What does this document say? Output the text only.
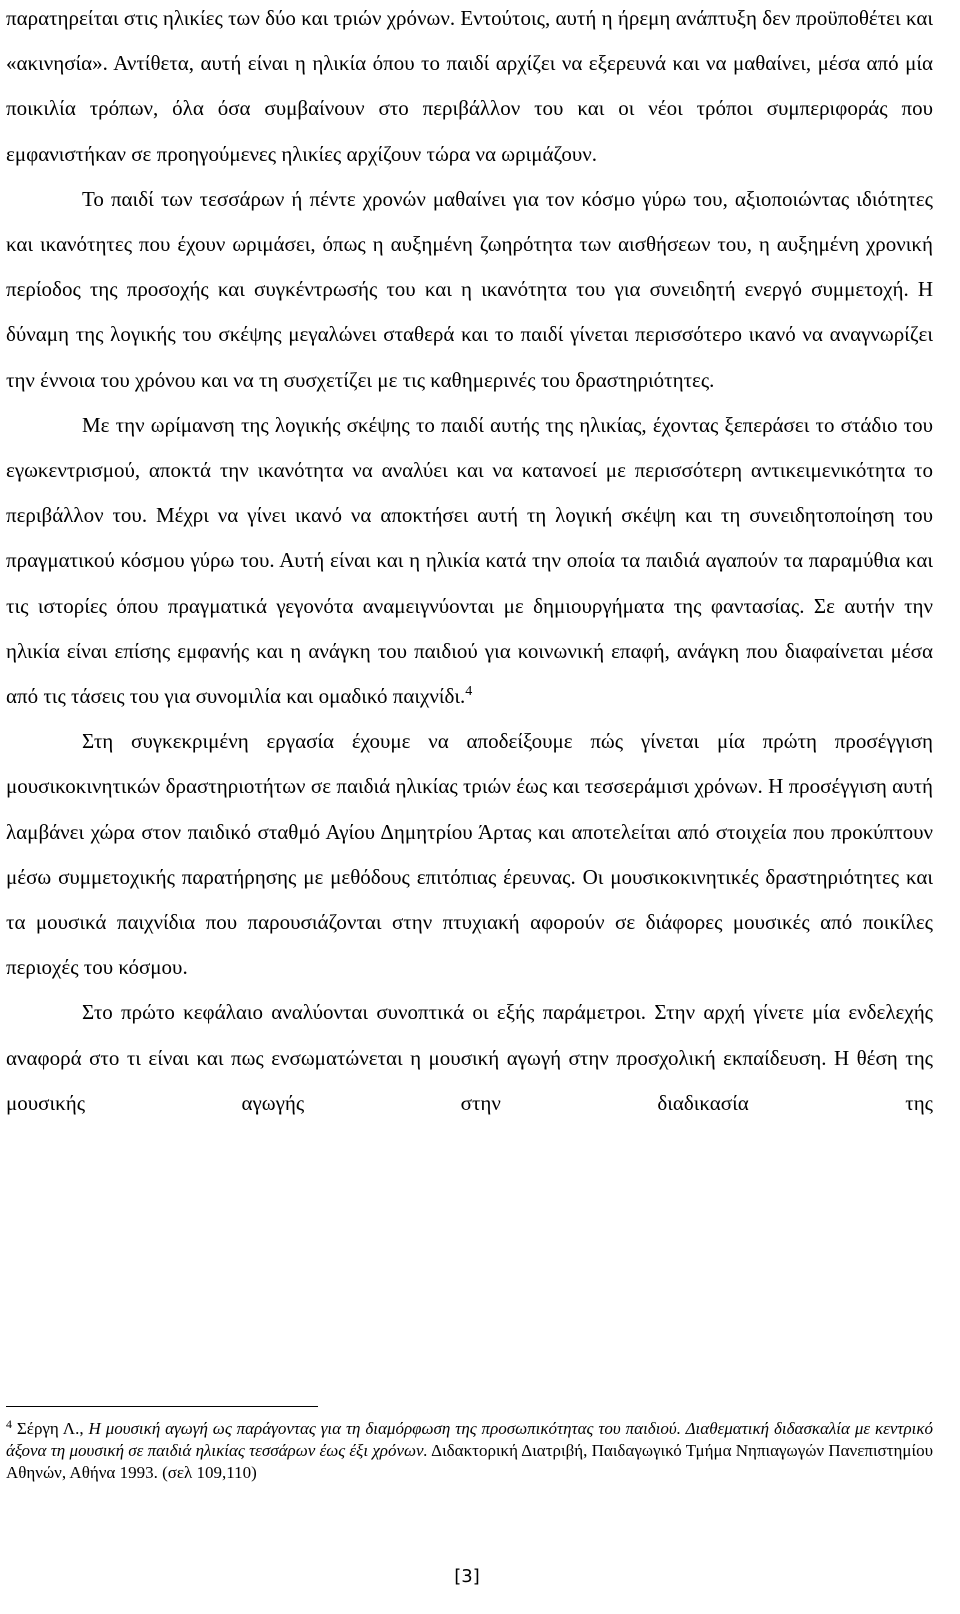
παρατηρείται στις ηλικίες των δύο και τριών χρόνων. Εντούτοις, αυτή η ήρεμη ανάπτυξη δεν προϋποθέτει και «ακινησία». Αντίθετα, αυτή είναι η ηλικία όπου το παιδί αρχίζει να εξερευνά και να μαθαίνει, μέσα από μία ποικιλία τρόπων, όλα όσα συμβαίνουν στο περιβάλλον του και οι νέοι τρόποι συμπεριφοράς που εμφανιστήκαν σε προηγούμενες ηλικίες αρχίζουν τώρα να ωριμάζουν.

Το παιδί των τεσσάρων ή πέντε χρονών μαθαίνει για τον κόσμο γύρω του, αξιοποιώντας ιδιότητες και ικανότητες που έχουν ωριμάσει, όπως η αυξημένη ζωηρότητα των αισθήσεων του, η αυξημένη χρονική περίοδος της προσοχής και συγκέντρωσής του και η ικανότητα του για συνειδητή ενεργό συμμετοχή. Η δύναμη της λογικής του σκέψης μεγαλώνει σταθερά και το παιδί γίνεται περισσότερο ικανό να αναγνωρίζει την έννοια του χρόνου και να τη συσχετίζει με τις καθημερινές του δραστηριότητες.

Με την ωρίμανση της λογικής σκέψης το παιδί αυτής της ηλικίας, έχοντας ξεπεράσει το στάδιο του εγωκεντρισμού, αποκτά την ικανότητα να αναλύει και να κατανοεί με περισσότερη αντικειμενικότητα το περιβάλλον του. Μέχρι να γίνει ικανό να αποκτήσει αυτή τη λογική σκέψη και τη συνειδητοποίηση του πραγματικού κόσμου γύρω του. Αυτή είναι και η ηλικία κατά την οποία τα παιδιά αγαπούν τα παραμύθια και τις ιστορίες όπου πραγματικά γεγονότα αναμειγνύονται με δημιουργήματα της φαντασίας. Σε αυτήν την ηλικία είναι επίσης εμφανής και η ανάγκη του παιδιού για κοινωνική επαφή, ανάγκη που διαφαίνεται μέσα από τις τάσεις του για συνομιλία και ομαδικό παιχνίδι.$^4$

Στη συγκεκριμένη εργασία έχουμε να αποδείξουμε πώς γίνεται μία πρώτη προσέγγιση μουσικοκινητικών δραστηριοτήτων σε παιδιά ηλικίας τριών έως και τεσσεράμισι χρόνων. Η προσέγγιση αυτή λαμβάνει χώρα στον παιδικό σταθμό Αγίου Δημητρίου Άρτας και αποτελείται από στοιχεία που προκύπτουν μέσω συμμετοχικής παρατήρησης με μεθόδους επιτόπιας έρευνας. Οι μουσικοκινητικές δραστηριότητες και τα μουσικά παιχνίδια που παρουσιάζονται στην πτυχιακή αφορούν σε διάφορες μουσικές από ποικίλες περιοχές του κόσμου.

Στο πρώτο κεφάλαιο αναλύονται συνοπτικά οι εξής παράμετροι. Στην αρχή γίνετε μία ενδελεχής αναφορά στο τι είναι και πως ενσωματώνεται η μουσική αγωγή στην προσχολική εκπαίδευση. Η θέση της μουσικής αγωγής στην διαδικασία της

$^4$ Σέργη Λ., Η μουσική αγωγή ως παράγοντας για τη διαμόρφωση της προσωπικότητας του παιδιού. Διαθεματική διδασκαλία με κεντρικό άξονα τη μουσική σε παιδιά ηλικίας τεσσάρων έως έξι χρόνων. Διδακτορική Διατριβή, Παιδαγωγικό Τμήμα Νηπιαγωγών Πανεπιστημίου Αθηνών, Αθήνα 1993. (σελ 109,110)

[3]
